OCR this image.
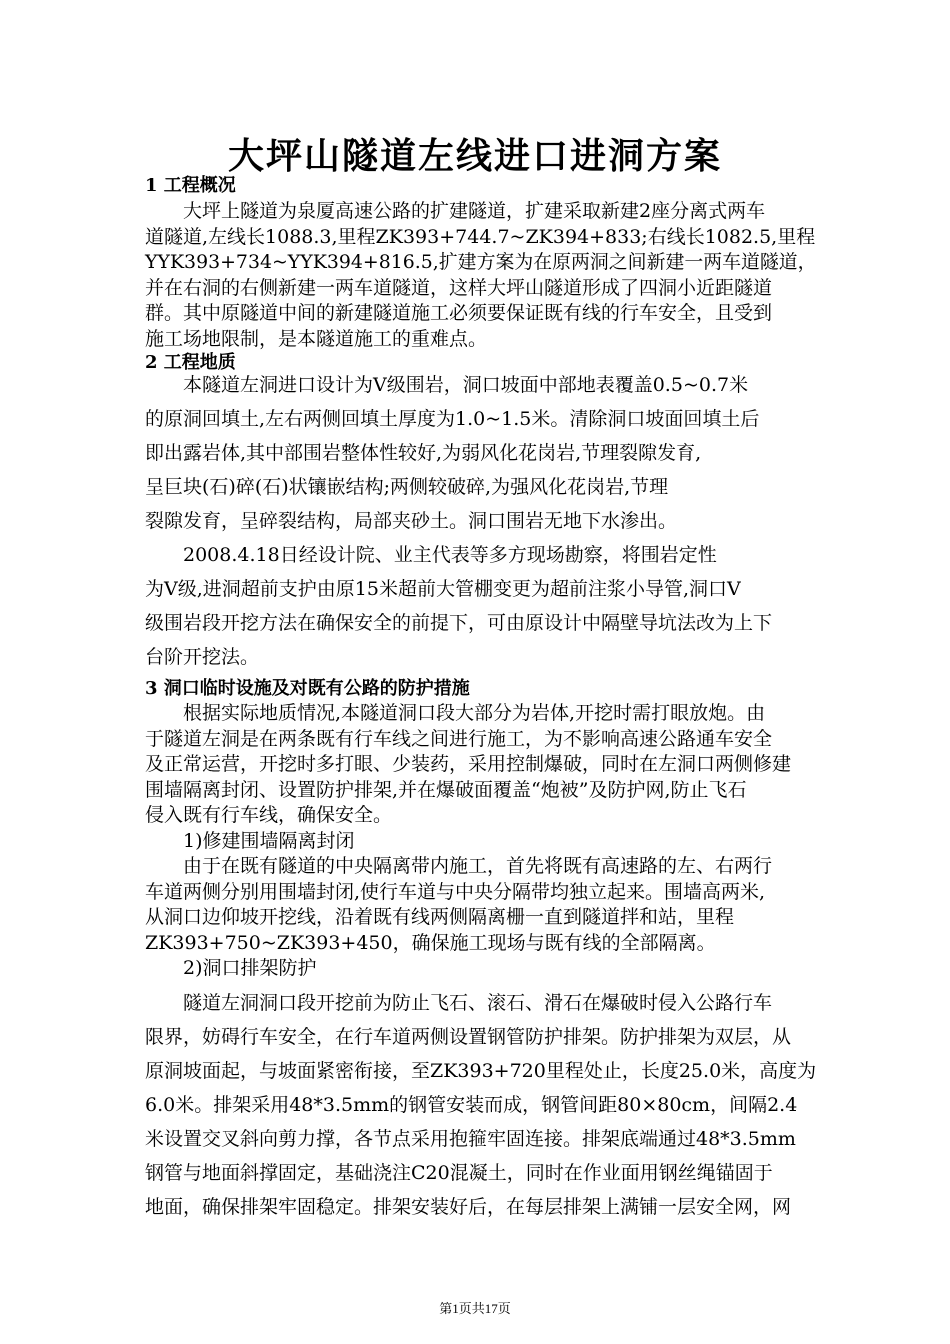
大坪山隧道左线进口进洞方案
1 工程概况
　　大坪上隧道为泉厦高速公路的扩建隧道，扩建采取新建2座分离式两车
道隧道,左线长1088.3,里程ZK393+744.7~ZK394+833;右线长1082.5,里程
YYK393+734~YYK394+816.5,扩建方案为在原两洞之间新建一两车道隧道，
并在右洞的右侧新建一两车道隧道，这样大坪山隧道形成了四洞小近距隧道
群。其中原隧道中间的新建隧道施工必须要保证既有线的行车安全，且受到
施工场地限制，是本隧道施工的重难点。
2 工程地质
　　本隧道左洞进口设计为Ⅴ级围岩，洞口坡面中部地表覆盖0.5~0.7米
的原洞回填土,左右两侧回填土厚度为1.0~1.5米。清除洞口坡面回填土后
即出露岩体,其中部围岩整体性较好,为弱风化花岗岩,节理裂隙发育,
呈巨块(石)碎(石)状镶嵌结构;两侧较破碎,为强风化花岗岩,节理
裂隙发育，呈碎裂结构，局部夹砂土。洞口围岩无地下水渗出。
　　2008.4.18日经设计院、业主代表等多方现场勘察，将围岩定性
为Ⅴ级,进洞超前支护由原15米超前大管棚变更为超前注浆小导管,洞口Ⅴ
级围岩段开挖方法在确保安全的前提下，可由原设计中隔壁导坑法改为上下
台阶开挖法。
3 洞口临时设施及对既有公路的防护措施
　　根据实际地质情况,本隧道洞口段大部分为岩体,开挖时需打眼放炮。由
于隧道左洞是在两条既有行车线之间进行施工，为不影响高速公路通车安全
及正常运营，开挖时多打眼、少装药，采用控制爆破，同时在左洞口两侧修建
围墙隔离封闭、设置防护排架,并在爆破面覆盖“炮被”及防护网,防止飞石
侵入既有行车线，确保安全。
　　1)修建围墙隔离封闭
　　由于在既有隧道的中央隔离带内施工，首先将既有高速路的左、右两行
车道两侧分别用围墙封闭,使行车道与中央分隔带均独立起来。围墙高两米,
从洞口边仰坡开挖线，沿着既有线两侧隔离栅一直到隧道拌和站，里程
ZK393+750~ZK393+450，确保施工现场与既有线的全部隔离。
　　2)洞口排架防护
　　隧道左洞洞口段开挖前为防止飞石、滚石、滑石在爆破时侵入公路行车
限界，妨碍行车安全，在行车道两侧设置钢管防护排架。防护排架为双层，从
原洞坡面起，与坡面紧密衔接，至ZK393+720里程处止，长度25.0米，高度为
6.0米。排架采用48*3.5mm的钢管安装而成，钢管间距80×80cm，间隔2.4
米设置交叉斜向剪力撑，各节点采用抱箍牢固连接。排架底端通过48*3.5mm
钢管与地面斜撑固定，基础浇注C20混凝土，同时在作业面用钢丝绳锚固于
地面，确保排架牢固稳定。排架安装好后，在每层排架上满铺一层安全网，网
第1页共17页
